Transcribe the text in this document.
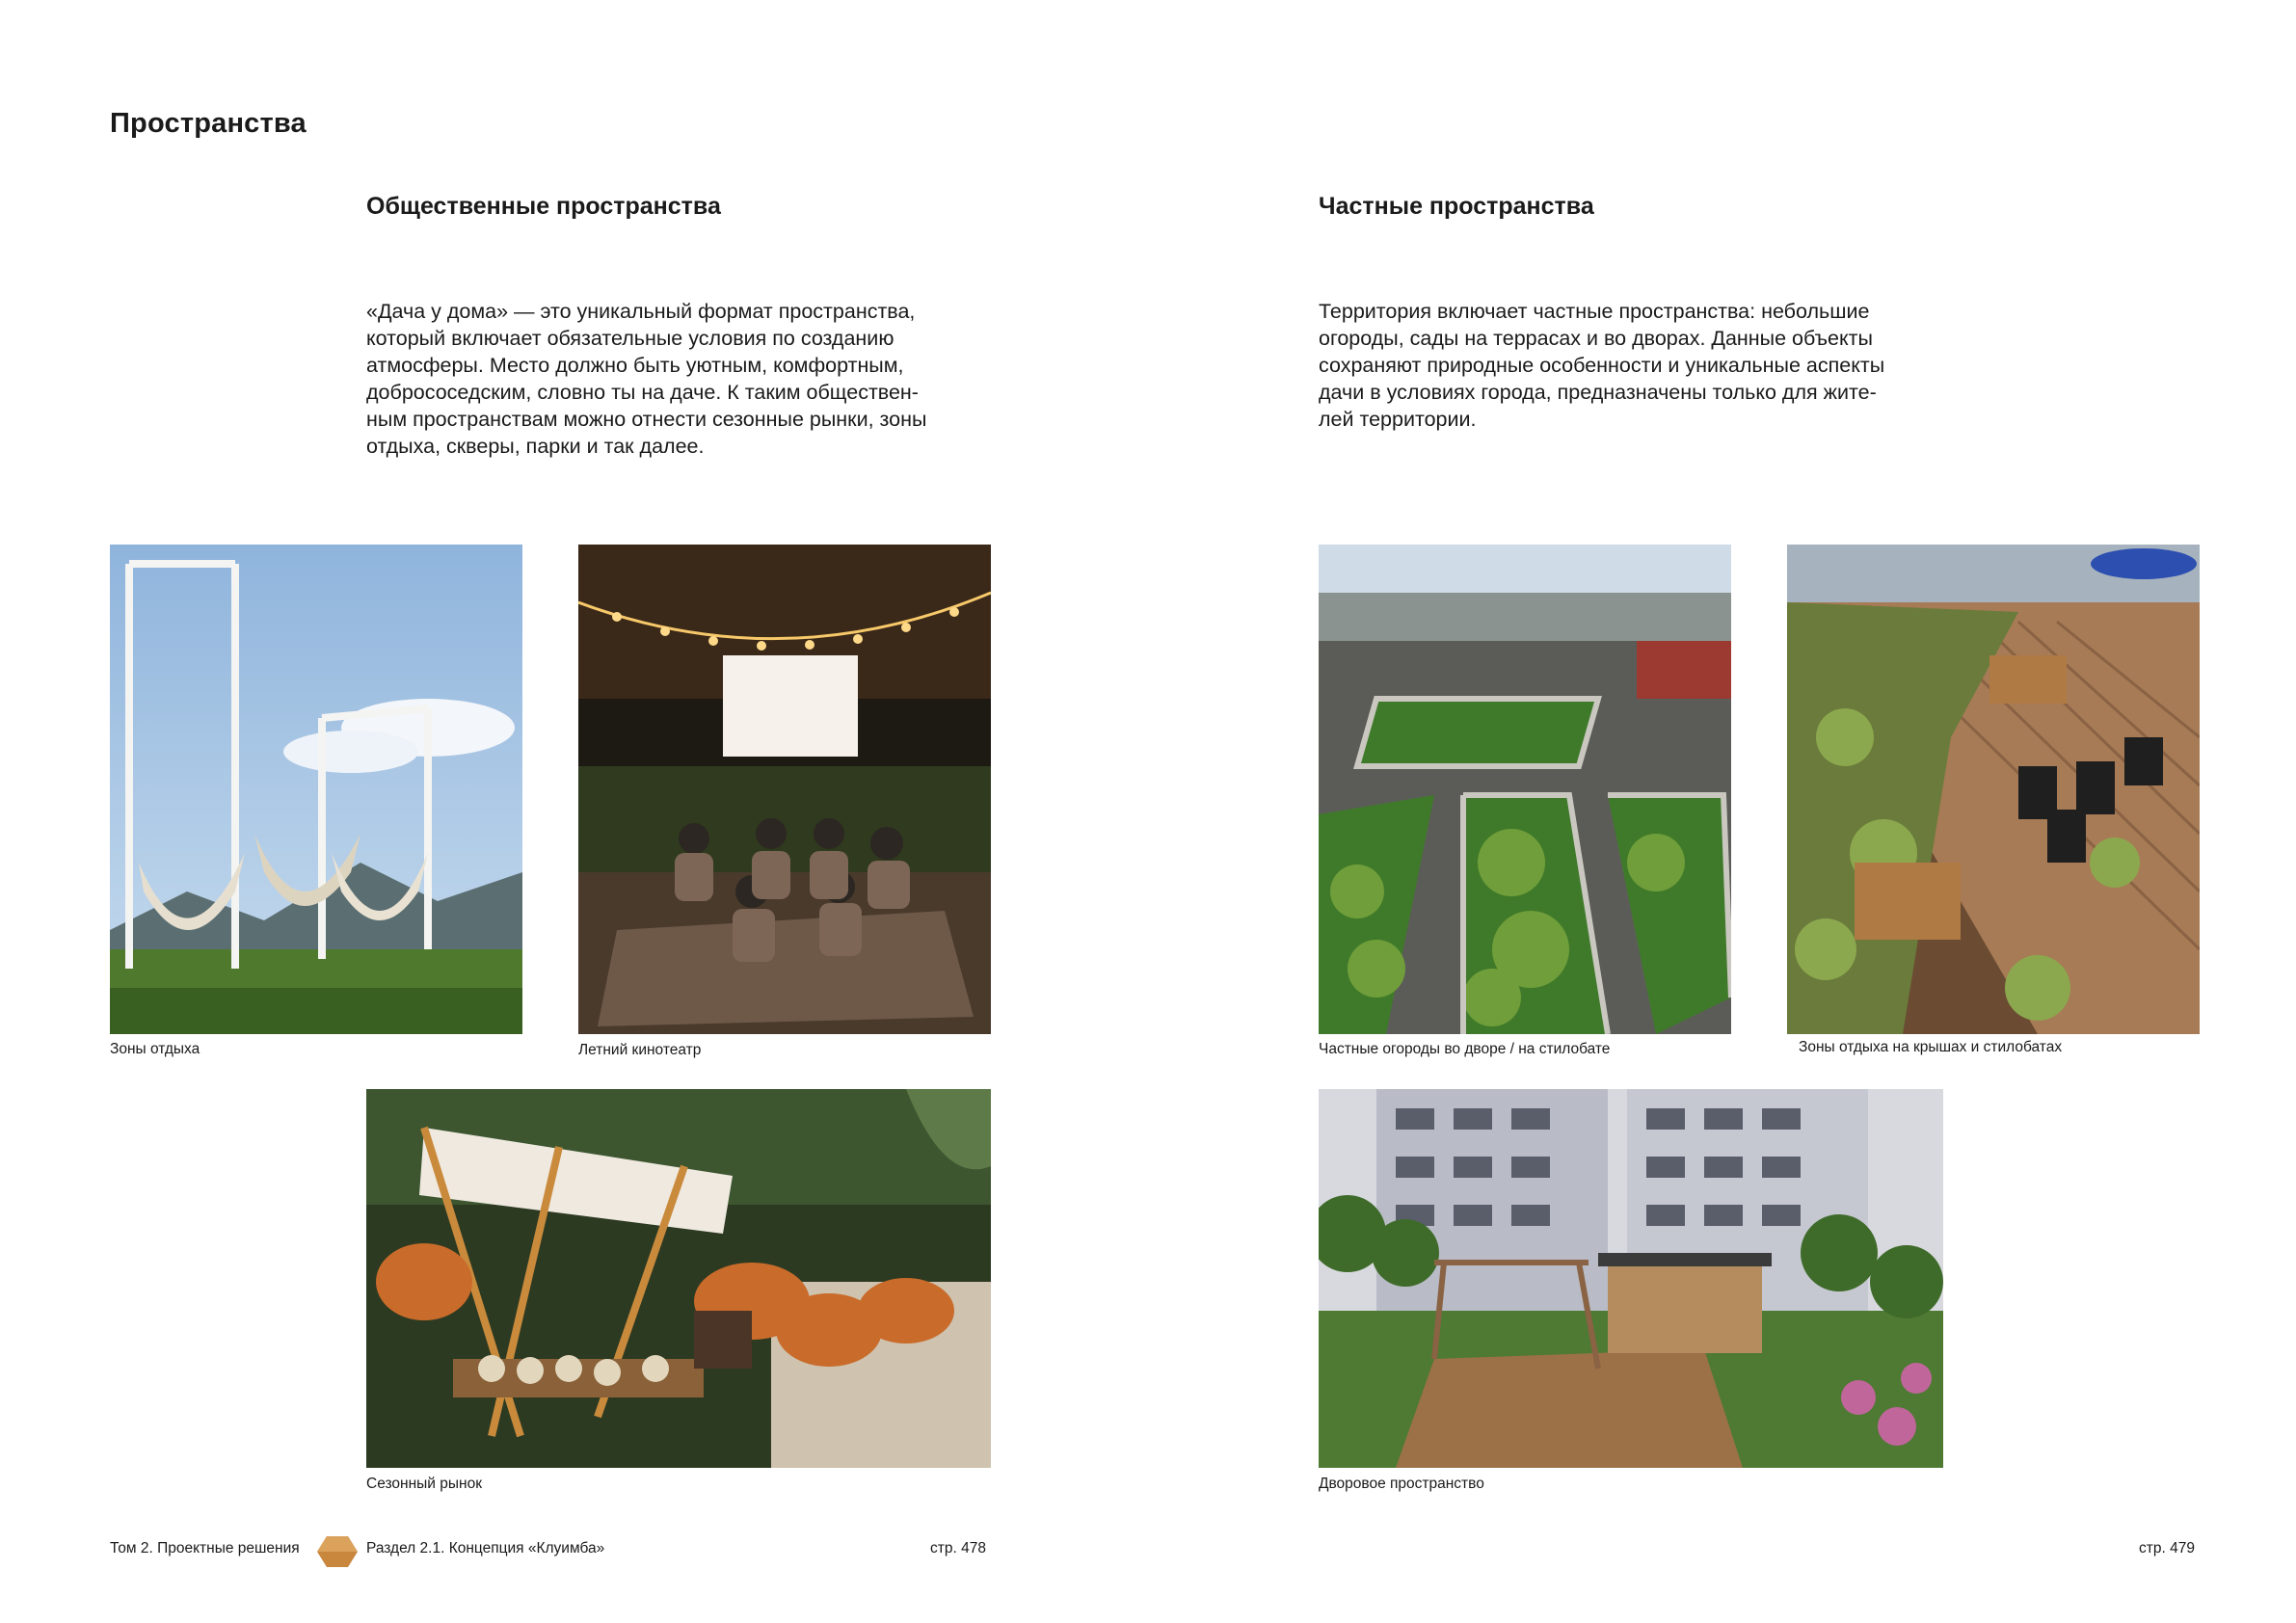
Пространства
Общественные пространства
«Дача у дома» — это уникальный формат пространства,
который включает обязательные условия по созданию
атмосферы. Место должно быть уютным, комфортным,
добрососедским, словно ты на даче. К таким обществен-
ным пространствам можно отнести сезонные рынки, зоны
отдыха, скверы, парки и так далее.
Частные пространства
Территория включает частные пространства: небольшие
огороды, сады на террасах и во дворах. Данные объекты
сохраняют природные особенности и уникальные аспекты
дачи в условиях города, предназначены только для жите-
лей территории.
Зоны отдыха	Летний кинотеатр
Сезонный рынок
Частные огороды во дворе / на стилобате	Зоны отдыха на крышах и стилобатах
Дворовое пространство
Том 2. Проектные решения	Раздел 2.1. Концепция «Клуимба»	стр. 478	стр. 479
